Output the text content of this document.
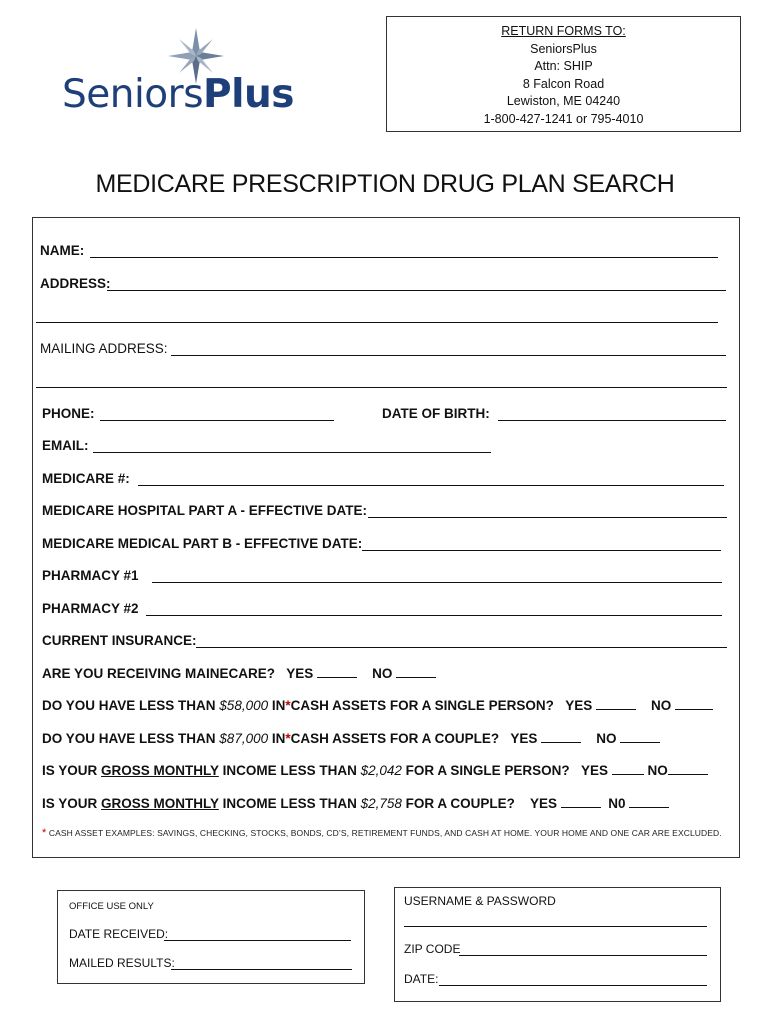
SeniorsPlus
RETURN FORMS TO:
SeniorsPlus
Attn: SHIP
8 Falcon Road
Lewiston, ME 04240
1-800-427-1241 or 795-4010
MEDICARE PRESCRIPTION DRUG PLAN SEARCH
NAME:
ADDRESS:
MAILING ADDRESS:
PHONE:	DATE OF BIRTH:
EMAIL:
MEDICARE #:
MEDICARE HOSPITAL PART A - EFFECTIVE DATE:
MEDICARE MEDICAL PART B - EFFECTIVE DATE:
PHARMACY #1
PHARMACY #2
CURRENT INSURANCE:
ARE YOU RECEIVING MAINECARE? YES	NO
DO YOU HAVE LESS THAN $58,000 IN*CASH ASSETS FOR A SINGLE PERSON? YES	NO
DO YOU HAVE LESS THAN $87,000 IN*CASH ASSETS FOR A COUPLE? YES	NO
IS YOUR GROSS MONTHLY INCOME LESS THAN $2,042 FOR A SINGLE PERSON? YES	NO
IS YOUR GROSS MONTHLY INCOME LESS THAN $2,758 FOR A COUPLE? YES	N0
* CASH ASSET EXAMPLES: SAVINGS, CHECKING, STOCKS, BONDS, CD’S, RETIREMENT FUNDS, AND CASH AT HOME. YOUR HOME AND ONE CAR ARE EXCLUDED.
OFFICE USE ONLY
DATE RECEIVED:
MAILED RESULTS:
USERNAME & PASSWORD
ZIP CODE
DATE:
